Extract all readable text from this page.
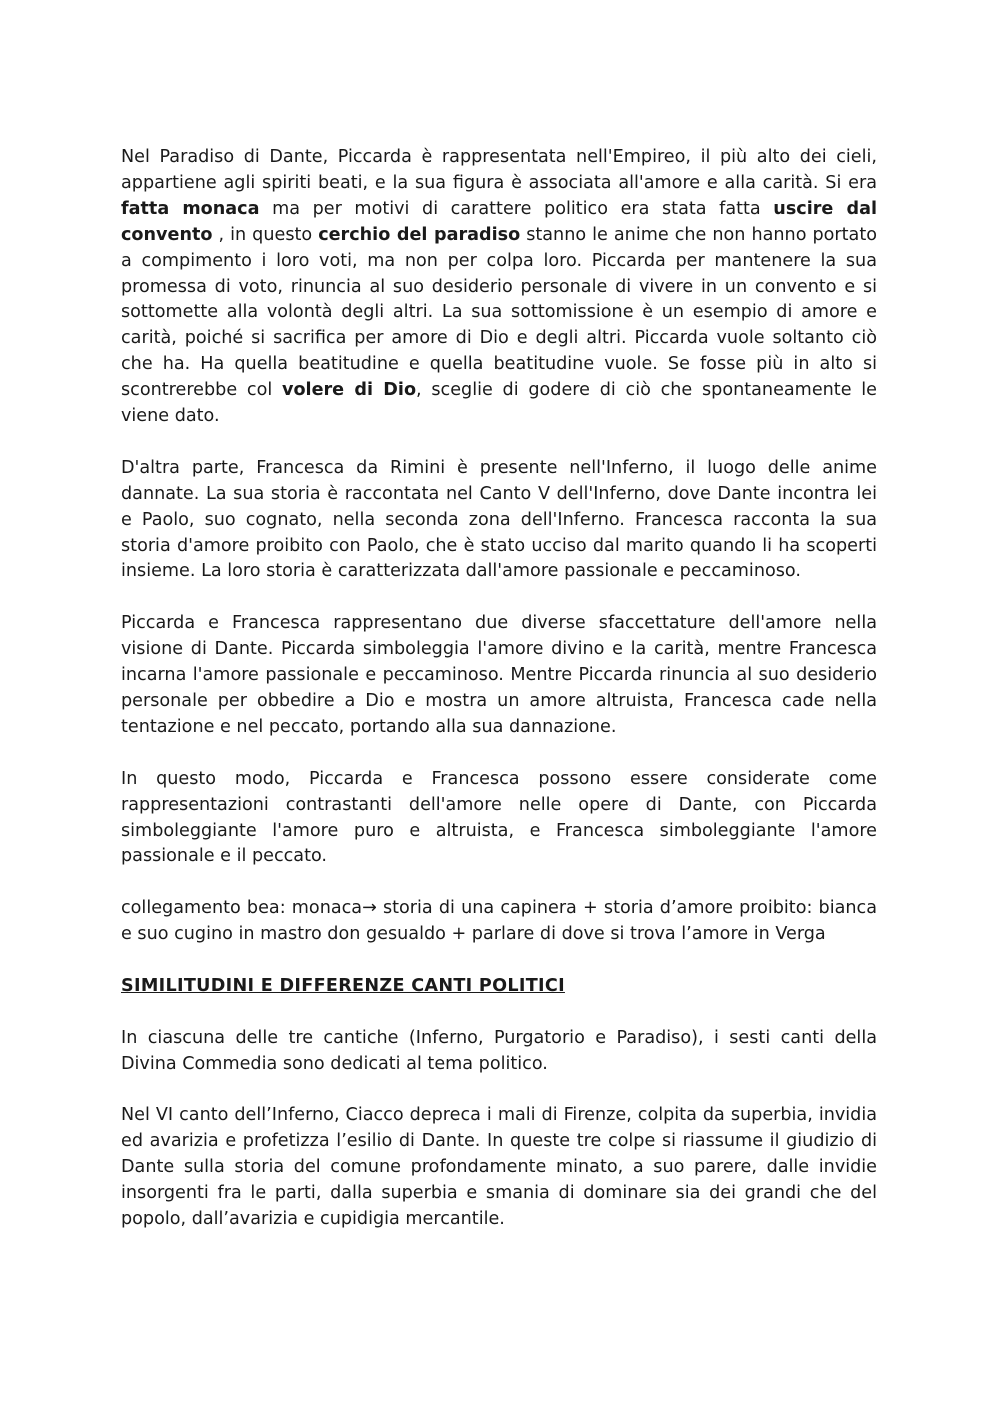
Nel Paradiso di Dante, Piccarda è rappresentata nell'Empireo, il più alto dei cieli, appartiene agli spiriti beati, e la sua figura è associata all'amore e alla carità. Si era fatta monaca ma per motivi di carattere politico era stata fatta uscire dal convento , in questo cerchio del paradiso stanno le anime che non hanno portato a compimento i loro voti, ma non per colpa loro. Piccarda per mantenere la sua promessa di voto, rinuncia al suo desiderio personale di vivere in un convento e si sottomette alla volontà degli altri. La sua sottomissione è un esempio di amore e carità, poiché si sacrifica per amore di Dio e degli altri. Piccarda vuole soltanto ciò che ha. Ha quella beatitudine e quella beatitudine vuole. Se fosse più in alto si scontrerebbe col volere di Dio, sceglie di godere di ciò che spontaneamente le viene dato.

D'altra parte, Francesca da Rimini è presente nell'Inferno, il luogo delle anime dannate. La sua storia è raccontata nel Canto V dell'Inferno, dove Dante incontra lei e Paolo, suo cognato, nella seconda zona dell'Inferno. Francesca racconta la sua storia d'amore proibito con Paolo, che è stato ucciso dal marito quando li ha scoperti insieme. La loro storia è caratterizzata dall'amore passionale e peccaminoso.

Piccarda e Francesca rappresentano due diverse sfaccettature dell'amore nella visione di Dante. Piccarda simboleggia l'amore divino e la carità, mentre Francesca incarna l'amore passionale e peccaminoso. Mentre Piccarda rinuncia al suo desiderio personale per obbedire a Dio e mostra un amore altruista, Francesca cade nella tentazione e nel peccato, portando alla sua dannazione.

In questo modo, Piccarda e Francesca possono essere considerate come rappresentazioni contrastanti dell'amore nelle opere di Dante, con Piccarda simboleggiante l'amore puro e altruista, e Francesca simboleggiante l'amore passionale e il peccato.

collegamento bea: monaca→ storia di una capinera + storia d’amore proibito: bianca e suo cugino in mastro don gesualdo + parlare di dove si trova l’amore in Verga

SIMILITUDINI E DIFFERENZE CANTI POLITICI

In ciascuna delle tre cantiche (Inferno, Purgatorio e Paradiso), i sesti canti della Divina Commedia sono dedicati al tema politico.

Nel VI canto dell’Inferno, Ciacco depreca i mali di Firenze, colpita da superbia, invidia ed avarizia e profetizza l’esilio di Dante. In queste tre colpe si riassume il giudizio di Dante sulla storia del comune profondamente minato, a suo parere, dalle invidie insorgenti fra le parti, dalla superbia e smania di dominare sia dei grandi che del popolo, dall’avarizia e cupidigia mercantile.
